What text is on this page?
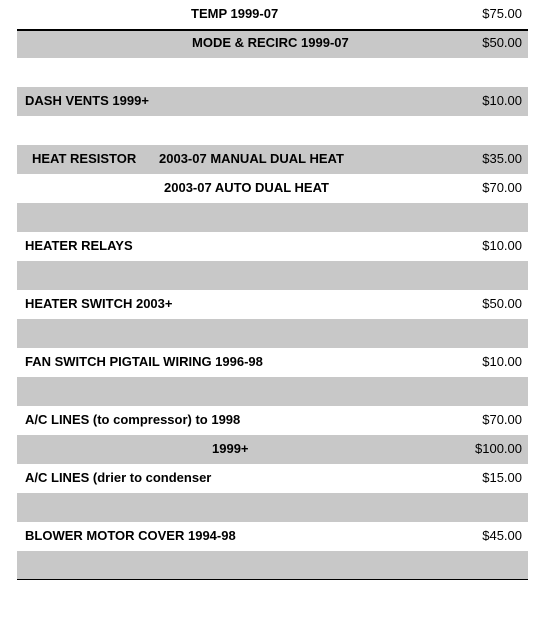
TEMP 1999-07	$75.00
MODE & RECIRC 1999-07	$50.00
DASH VENTS 1999+	$10.00
HEAT RESISTOR 2003-07 MANUAL DUAL HEAT	$35.00
2003-07 AUTO DUAL HEAT	$70.00
HEATER RELAYS	$10.00
HEATER SWITCH 2003+	$50.00
FAN SWITCH PIGTAIL WIRING 1996-98	$10.00
A/C LINES (to compressor) to 1998	$70.00
1999+	$100.00
A/C LINES (drier to condenser	$15.00
BLOWER MOTOR COVER 1994-98	$45.00
